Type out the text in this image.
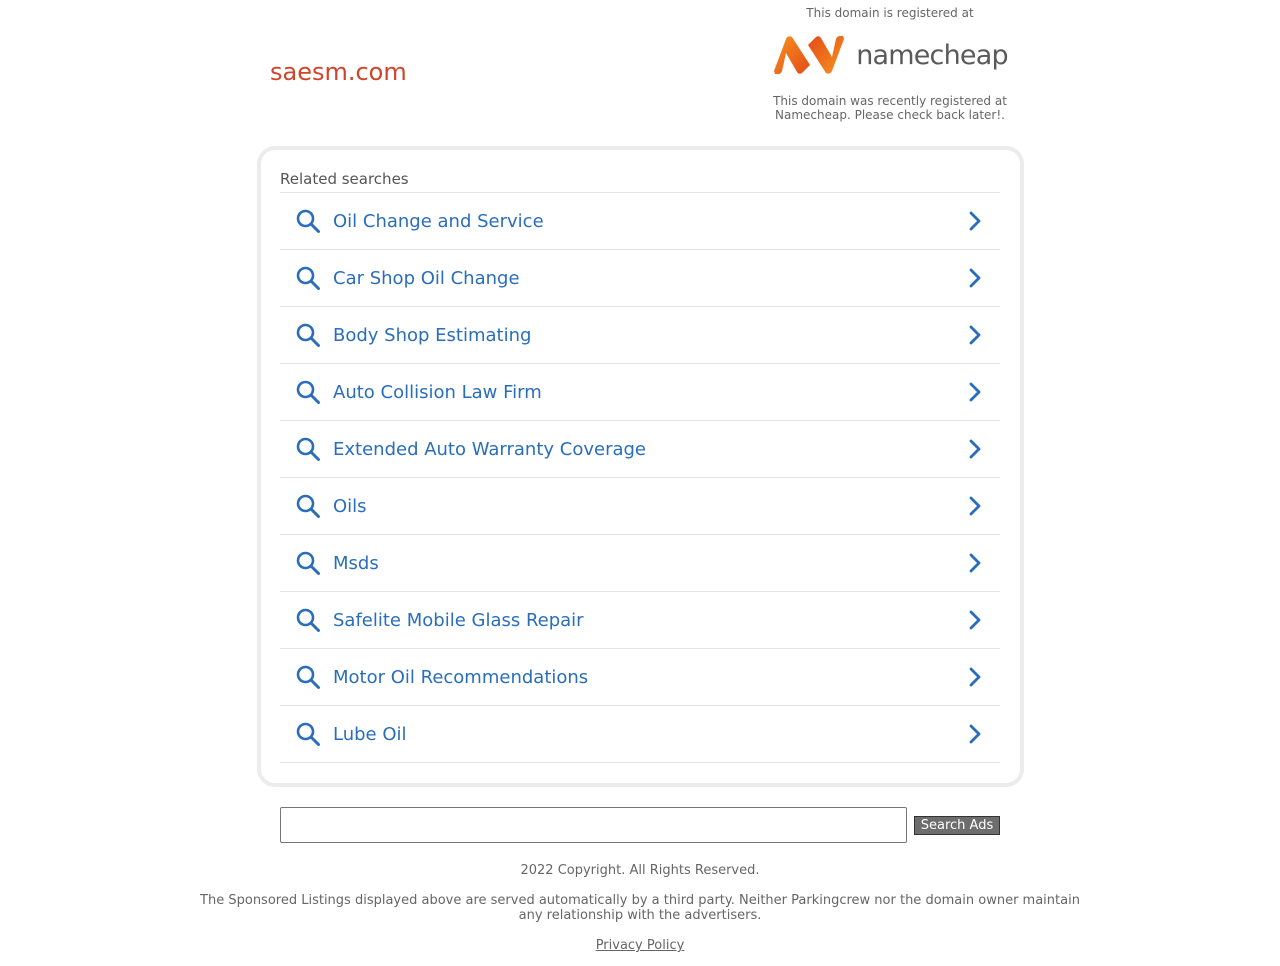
saesm.com
This domain is registered at
namecheap
This domain was recently registered at Namecheap. Please check back later!.
Related searches
Oil Change and Service
Car Shop Oil Change
Body Shop Estimating
Auto Collision Law Firm
Extended Auto Warranty Coverage
Oils
Msds
Safelite Mobile Glass Repair
Motor Oil Recommendations
Lube Oil
Search Ads
2022 Copyright. All Rights Reserved.
The Sponsored Listings displayed above are served automatically by a third party. Neither Parkingcrew nor the domain owner maintain any relationship with the advertisers.
Privacy Policy
